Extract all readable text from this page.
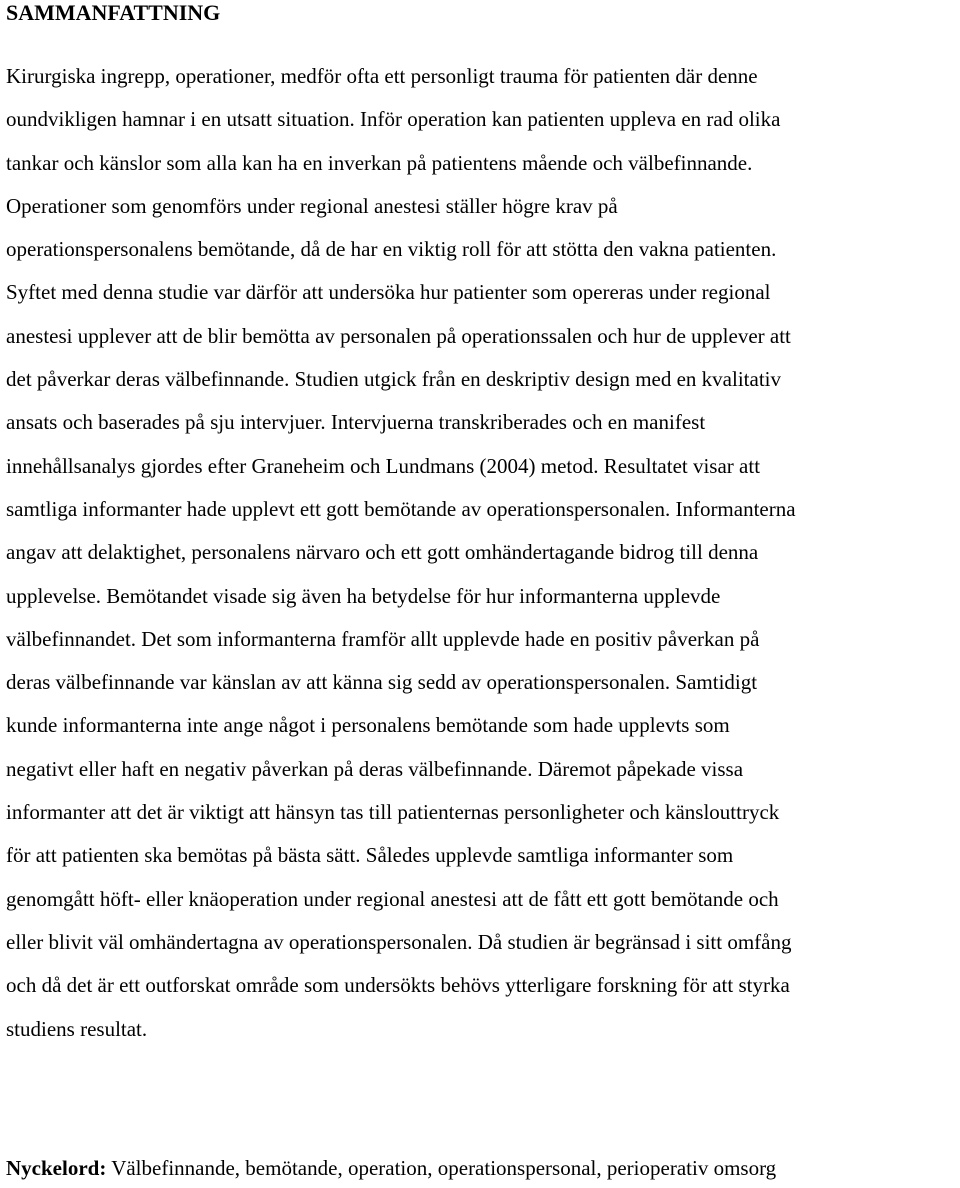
SAMMANFATTNING

Kirurgiska ingrepp, operationer, medför ofta ett personligt trauma för patienten där denne
oundvikligen hamnar i en utsatt situation. Inför operation kan patienten uppleva en rad olika
tankar och känslor som alla kan ha en inverkan på patientens mående och välbefinnande.
Operationer som genomförs under regional anestesi ställer högre krav på
operationspersonalens bemötande, då de har en viktig roll för att stötta den vakna patienten.
Syftet med denna studie var därför att undersöka hur patienter som opereras under regional
anestesi upplever att de blir bemötta av personalen på operationssalen och hur de upplever att
det påverkar deras välbefinnande. Studien utgick från en deskriptiv design med en kvalitativ
ansats och baserades på sju intervjuer. Intervjuerna transkriberades och en manifest
innehållsanalys gjordes efter Graneheim och Lundmans (2004) metod. Resultatet visar att
samtliga informanter hade upplevt ett gott bemötande av operationspersonalen. Informanterna
angav att delaktighet, personalens närvaro och ett gott omhändertagande bidrog till denna
upplevelse. Bemötandet visade sig även ha betydelse för hur informanterna upplevde
välbefinnandet. Det som informanterna framför allt upplevde hade en positiv påverkan på
deras välbefinnande var känslan av att känna sig sedd av operationspersonalen. Samtidigt
kunde informanterna inte ange något i personalens bemötande som hade upplevts som
negativt eller haft en negativ påverkan på deras välbefinnande. Däremot påpekade vissa
informanter att det är viktigt att hänsyn tas till patienternas personligheter och känslouttryck
för att patienten ska bemötas på bästa sätt. Således upplevde samtliga informanter som
genomgått höft- eller knäoperation under regional anestesi att de fått ett gott bemötande och
eller blivit väl omhändertagna av operationspersonalen. Då studien är begränsad i sitt omfång
och då det är ett outforskat område som undersökts behövs ytterligare forskning för att styrka
studiens resultat.

Nyckelord: Välbefinnande, bemötande, operation, operationspersonal, perioperativ omsorg
